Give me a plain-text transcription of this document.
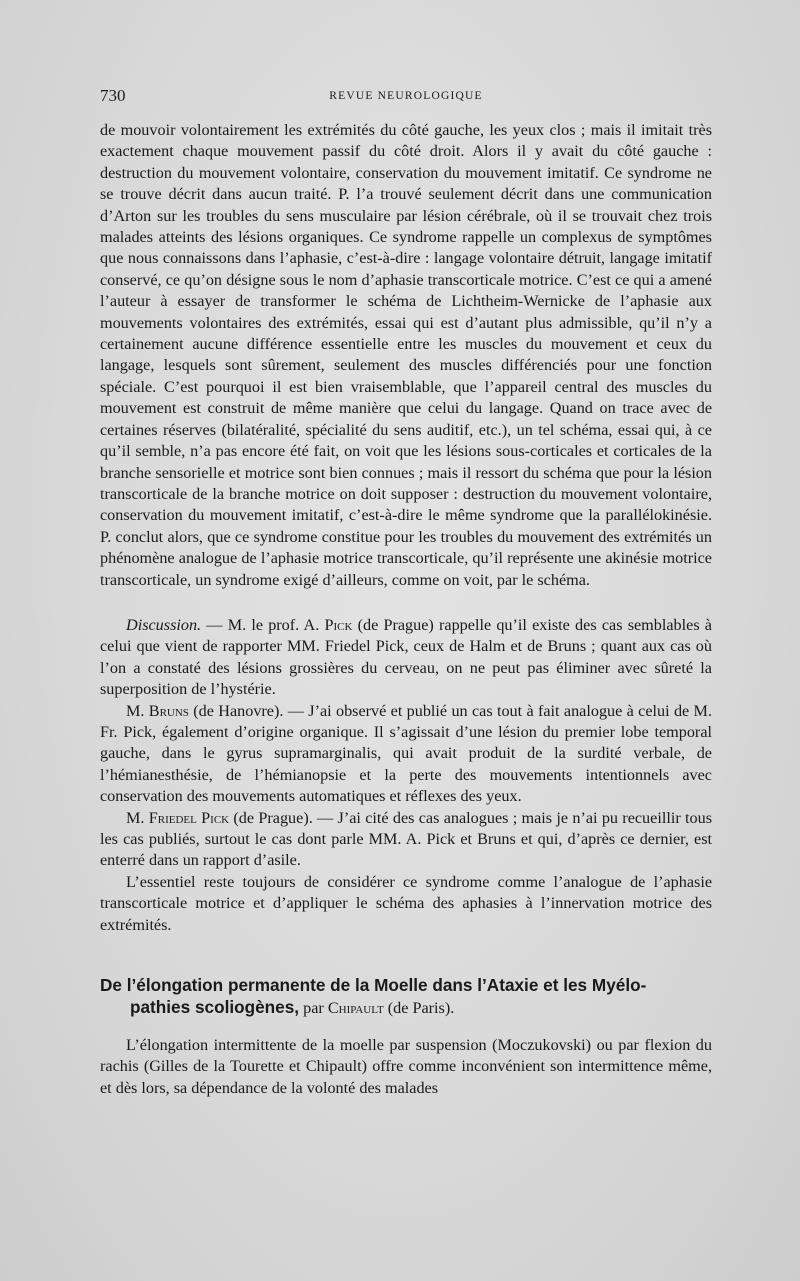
730	REVUE NEUROLOGIQUE

de mouvoir volontairement les extrémités du côté gauche, les yeux clos ; mais il imitait très exactement chaque mouvement passif du côté droit. Alors il y avait du côté gauche : destruction du mouvement volontaire, conservation du mouvement imitatif. Ce syndrome ne se trouve décrit dans aucun traité. P. l’a trouvé seulement décrit dans une communication d’Arton sur les troubles du sens musculaire par lésion cérébrale, où il se trouvait chez trois malades atteints des lésions organiques. Ce syndrome rappelle un complexus de symptômes que nous connaissons dans l’aphasie, c’est-à-dire : langage volontaire détruit, langage imitatif conservé, ce qu’on désigne sous le nom d’aphasie transcorticale motrice. C’est ce qui a amené l’auteur à essayer de transformer le schéma de Lichtheim-Wernicke de l’aphasie aux mouvements volontaires des extrémités, essai qui est d’autant plus admissible, qu’il n’y a certainement aucune différence essentielle entre les muscles du mouvement et ceux du langage, lesquels sont sûrement, seulement des muscles différenciés pour une fonction spéciale. C’est pourquoi il est bien vraisemblable, que l’appareil central des muscles du mouvement est construit de même manière que celui du langage. Quand on trace avec de certaines réserves (bilatéralité, spécialité du sens auditif, etc.), un tel schéma, essai qui, à ce qu’il semble, n’a pas encore été fait, on voit que les lésions sous-corticales et corticales de la branche sensorielle et motrice sont bien connues ; mais il ressort du schéma que pour la lésion transcorticale de la branche motrice on doit supposer : destruction du mouvement volontaire, conservation du mouvement imitatif, c’est-à-dire le même syndrome que la parallélokinésie. P. conclut alors, que ce syndrome constitue pour les troubles du mouvement des extrémités un phénomène analogue de l’aphasie motrice transcorticale, qu’il représente une akinésie motrice transcorticale, un syndrome exigé d’ailleurs, comme on voit, par le schéma.

Discussion. — M. le prof. A. Pick (de Prague) rappelle qu’il existe des cas semblables à celui que vient de rapporter MM. Friedel Pick, ceux de Halm et de Bruns ; quant aux cas où l’on a constaté des lésions grossières du cerveau, on ne peut pas éliminer avec sûreté la superposition de l’hystérie.

M. Bruns (de Hanovre). — J’ai observé et publié un cas tout à fait analogue à celui de M. Fr. Pick, également d’origine organique. Il s’agissait d’une lésion du premier lobe temporal gauche, dans le gyrus supramarginalis, qui avait produit de la surdité verbale, de l’hémianesthésie, de l’hémianopsie et la perte des mouvements intentionnels avec conservation des mouvements automatiques et réflexes des yeux.

M. Friedel Pick (de Prague). — J’ai cité des cas analogues ; mais je n’ai pu recueillir tous les cas publiés, surtout le cas dont parle MM. A. Pick et Bruns et qui, d’après ce dernier, est enterré dans un rapport d’asile.

L’essentiel reste toujours de considérer ce syndrome comme l’analogue de l’aphasie transcorticale motrice et d’appliquer le schéma des aphasies à l’innervation motrice des extrémités.

De l’élongation permanente de la Moelle dans l’Ataxie et les Myélo-
pathies scoliogènes, par Chipault (de Paris).

L’élongation intermittente de la moelle par suspension (Moczukovski) ou par flexion du rachis (Gilles de la Tourette et Chipault) offre comme inconvénient son intermittence même, et dès lors, sa dépendance de la volonté des malades
